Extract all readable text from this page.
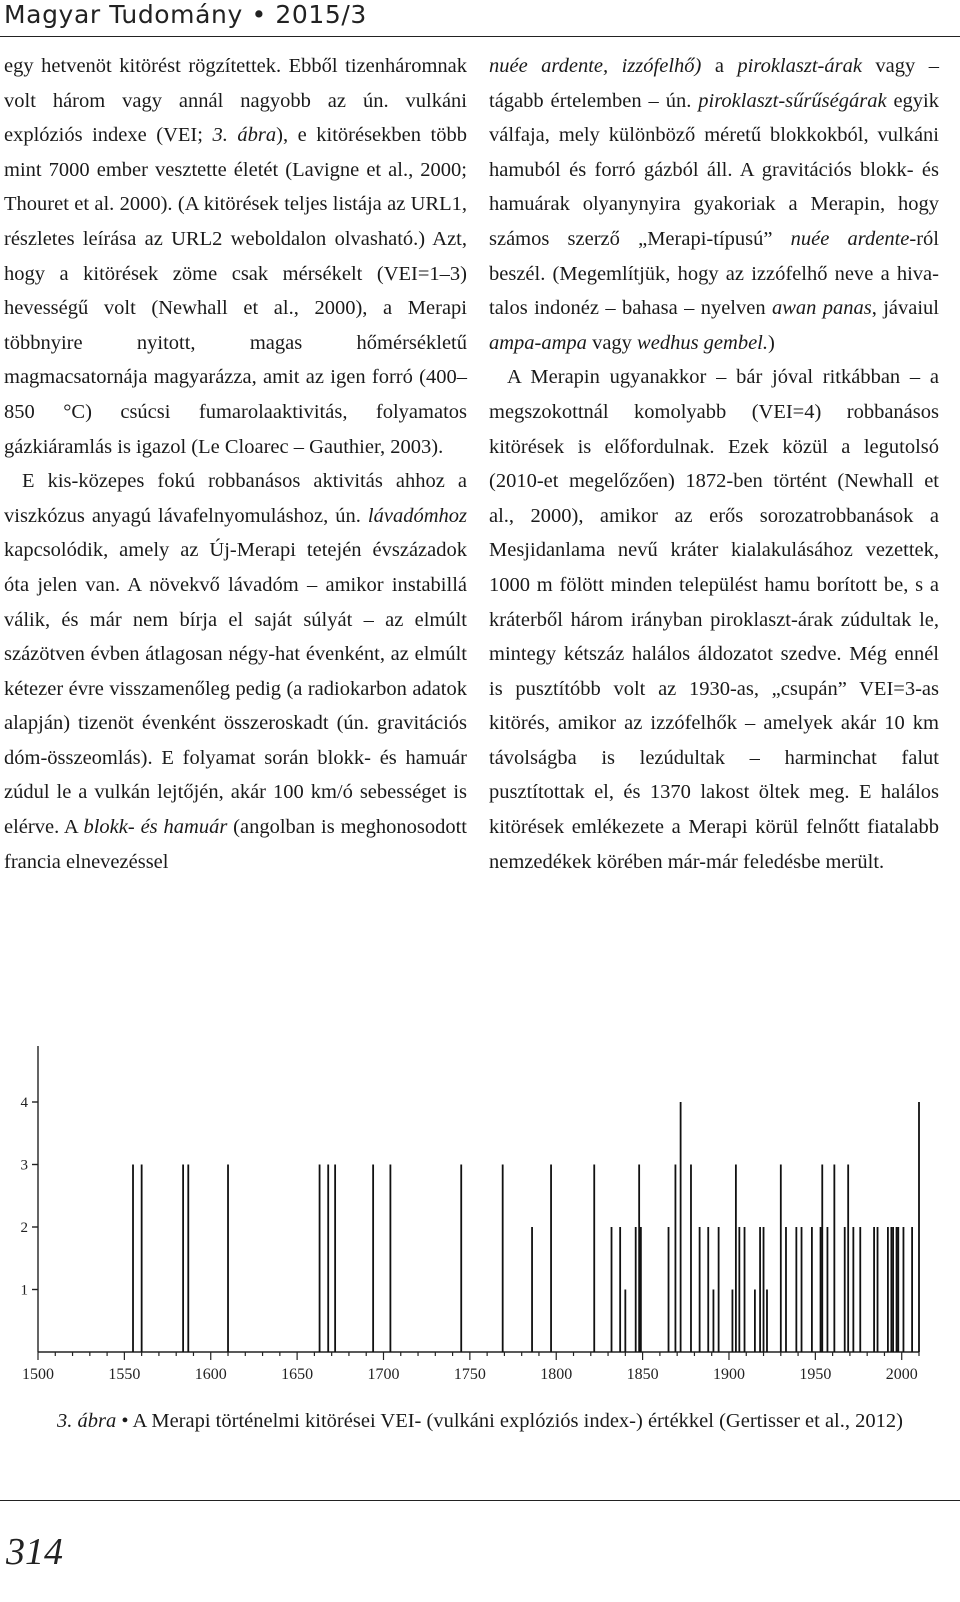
Magyar Tudomány • 2015/3

egy hetvenöt kitörést rögzítettek. Ebből tizenháromnak volt három vagy annál nagyobb az ún. vulkáni explóziós indexe (VEI; 3. ábra), e kitörésekben több mint 7000 ember vesztette életét (Lavigne et al., 2000; Thouret et al. 2000). (A kitörések teljes listája az URL1, részletes leírása az URL2 weboldalon olvasható.) Azt, hogy a kitörések zöme csak mérsékelt (VEI=1–3) hevességű volt (Newhall et al., 2000), a Merapi többnyire nyitott, magas hőmérsékletű magmacsatornája magyarázza, amit az igen forró (400–850 °C) csúcsi fumarolaaktivitás, folyamatos gázkiáramlás is igazol (Le Cloarec – Gauthier, 2003).

E kis-közepes fokú robbanásos aktivitás ahhoz a viszkózus anyagú lávafelnyomuláshoz, ún. lávadómhoz kapcsolódik, amely az Új-Merapi tetején évszázadok óta jelen van. A növekvő lávadóm – amikor instabillá válik, és már nem bírja el saját súlyát – az elmúlt százötven évben átlagosan négy-hat évenként, az elmúlt kétezer évre visszamenőleg pedig (a radiokarbon adatok alapján) tizenöt évenként összeroskadt (ún. gravitációs dóm-összeomlás). E folyamat során blokk- és hamuár zúdul le a vulkán lejtőjén, akár 100 km/ó sebességet is elérve. A blokk- és hamuár (angolban is meghonosodott francia elnevezéssel

nuée ardente, izzófelhő) a piroklaszt-árak vagy – tágabb értelemben – ún. piroklaszt-sűrűségárak egyik válfaja, mely különböző méretű blokkokból, vulkáni hamuból és forró gázból áll. A gravitációs blokk- és hamuárak olyanynyira gyakoriak a Merapin, hogy számos szerző „Merapi-típusú” nuée ardente-ról beszél. (Megemlítjük, hogy az izzófelhő neve a hivatalos indonéz – bahasa – nyelven awan panas, jávaiul ampa-ampa vagy wedhus gembel.)

A Merapin ugyanakkor – bár jóval ritkábban – a megszokottnál komolyabb (VEI=4) robbanásos kitörések is előfordulnak. Ezek közül a legutolsó (2010-et megelőzően) 1872-ben történt (Newhall et al., 2000), amikor az erős sorozatrobbanások a Mesjidanlama nevű kráter kialakulásához vezettek, 1000 m fölött minden települést hamu borított be, s a kráterből három irányban piroklaszt-árak zúdultak le, mintegy kétszáz halálos áldozatot szedve. Még ennél is pusztítóbb volt az 1930-as, „csupán” VEI=3-as kitörés, amikor az izzófelhők – amelyek akár 10 km távolságba is lezúdultak – harminchat falut pusztítottak el, és 1370 lakost öltek meg. E halálos kitörések emlékezete a Merapi körül felnőtt fiatalabb nemzedékek körében már-már feledésbe merült.

1
2
3
4
1500	1550	1600	1650	1700	1750	1800	1850	1900	1950	2000
3. ábra • A Merapi történelmi kitörései VEI- (vulkáni explóziós index-) értékkel (Gertisser et al., 2012)
314
